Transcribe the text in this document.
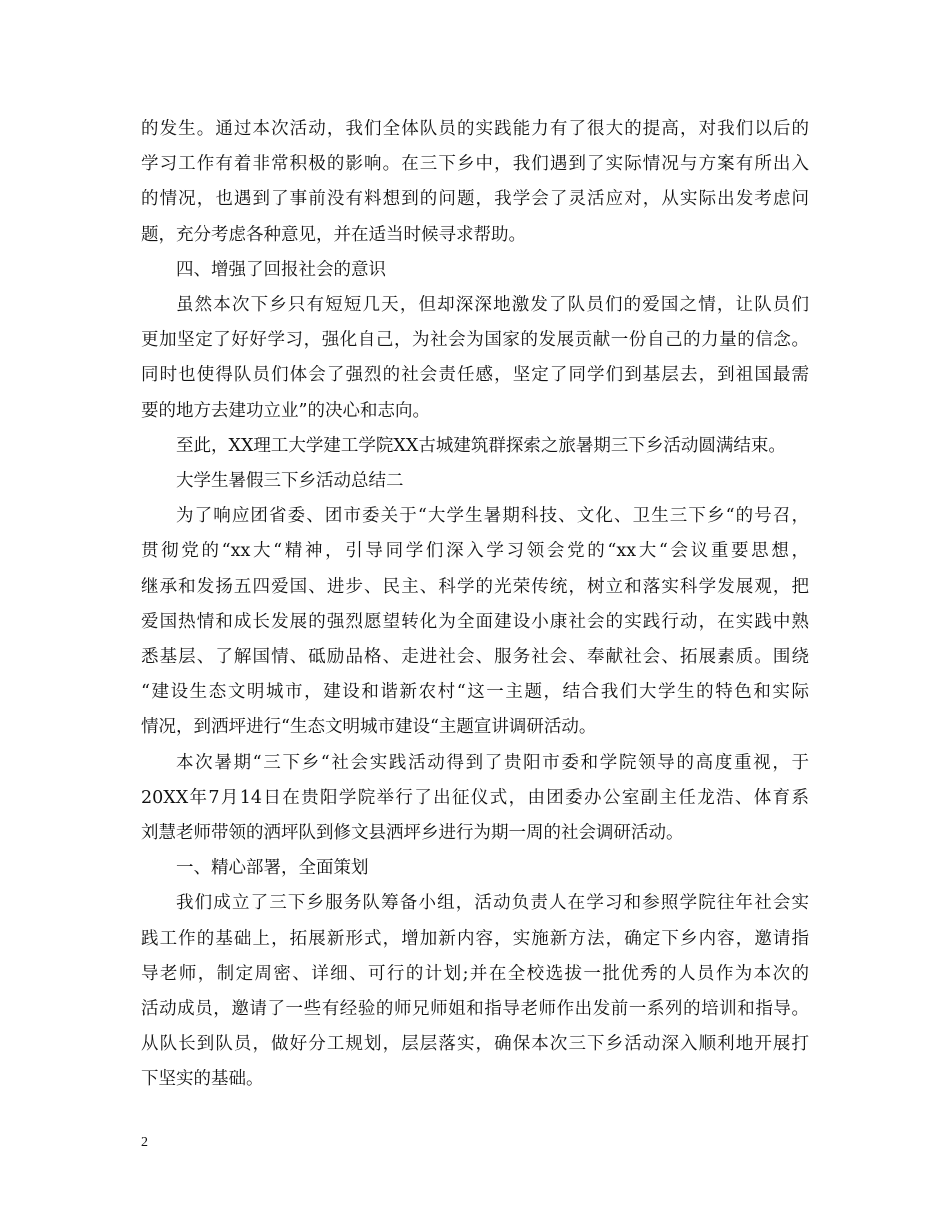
的发生。通过本次活动，我们全体队员的实践能力有了很大的提高，对我们以后的
学习工作有着非常积极的影响。在三下乡中，我们遇到了实际情况与方案有所出入
的情况，也遇到了事前没有料想到的问题，我学会了灵活应对，从实际出发考虑问
题，充分考虑各种意见，并在适当时候寻求帮助。

四、增强了回报社会的意识

虽然本次下乡只有短短几天，但却深深地激发了队员们的爱国之情，让队员们
更加坚定了好好学习，强化自己，为社会为国家的发展贡献一份自己的力量的信念。
同时也使得队员们体会了强烈的社会责任感，坚定了同学们到基层去，到祖国最需
要的地方去建功立业”的决心和志向。

至此，XX理工大学建工学院XX古城建筑群探索之旅暑期三下乡活动圆满结束。

大学生暑假三下乡活动总结二

为了响应团省委、团市委关于“大学生暑期科技、文化、卫生三下乡“的号召，
贯彻党的“xx大“精神，引导同学们深入学习领会党的“xx大“会议重要思想，
继承和发扬五四爱国、进步、民主、科学的光荣传统，树立和落实科学发展观，把
爱国热情和成长发展的强烈愿望转化为全面建设小康社会的实践行动，在实践中熟
悉基层、了解国情、砥励品格、走进社会、服务社会、奉献社会、拓展素质。围绕
“建设生态文明城市，建设和谐新农村“这一主题，结合我们大学生的特色和实际
情况，到洒坪进行“生态文明城市建设“主题宣讲调研活动。

本次暑期“三下乡“社会实践活动得到了贵阳市委和学院领导的高度重视，于
20XX年7月14日在贵阳学院举行了出征仪式，由团委办公室副主任龙浩、体育系
刘慧老师带领的洒坪队到修文县洒坪乡进行为期一周的社会调研活动。

一、精心部署，全面策划

我们成立了三下乡服务队筹备小组，活动负责人在学习和参照学院往年社会实
践工作的基础上，拓展新形式，增加新内容，实施新方法，确定下乡内容，邀请指
导老师，制定周密、详细、可行的计划;并在全校选拔一批优秀的人员作为本次的
活动成员，邀请了一些有经验的师兄师姐和指导老师作出发前一系列的培训和指导。
从队长到队员，做好分工规划，层层落实，确保本次三下乡活动深入顺利地开展打
下坚实的基础。

2
